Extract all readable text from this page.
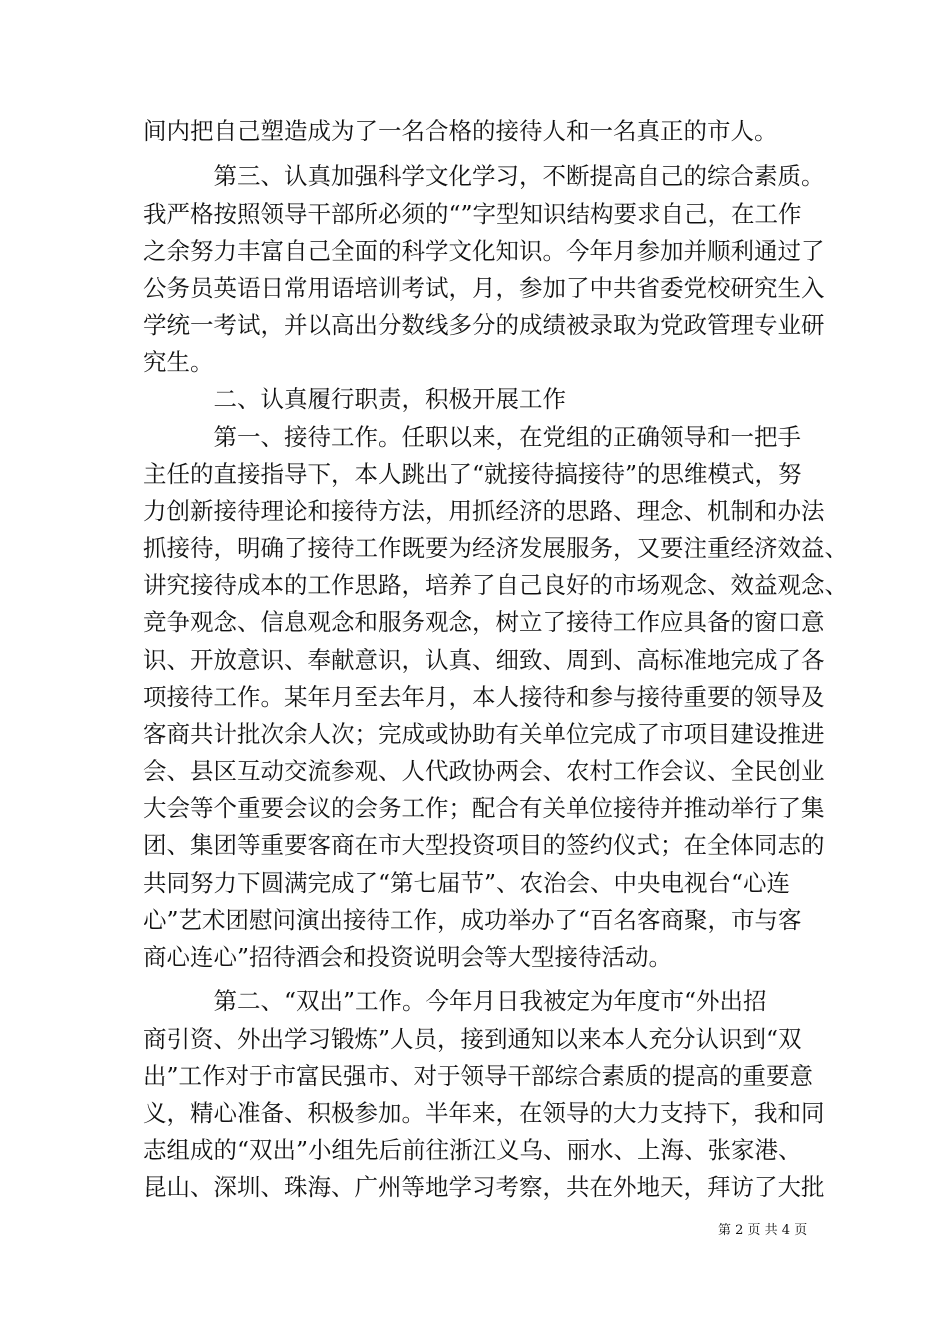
间内把自己塑造成为了一名合格的接待人和一名真正的市人。
　　　第三、认真加强科学文化学习，不断提高自己的综合素质。
我严格按照领导干部所必须的“”字型知识结构要求自己，在工作
之余努力丰富自己全面的科学文化知识。今年月参加并顺利通过了
公务员英语日常用语培训考试，月，参加了中共省委党校研究生入
学统一考试，并以高出分数线多分的成绩被录取为党政管理专业研
究生。
　　　二、认真履行职责，积极开展工作
　　　第一、接待工作。任职以来，在党组的正确领导和一把手
主任的直接指导下，本人跳出了“就接待搞接待”的思维模式，努
力创新接待理论和接待方法，用抓经济的思路、理念、机制和办法
抓接待，明确了接待工作既要为经济发展服务，又要注重经济效益、
讲究接待成本的工作思路，培养了自己良好的市场观念、效益观念、
竞争观念、信息观念和服务观念，树立了接待工作应具备的窗口意
识、开放意识、奉献意识，认真、细致、周到、高标准地完成了各
项接待工作。某年月至去年月，本人接待和参与接待重要的领导及
客商共计批次余人次；完成或协助有关单位完成了市项目建设推进
会、县区互动交流参观、人代政协两会、农村工作会议、全民创业
大会等个重要会议的会务工作；配合有关单位接待并推动举行了集
团、集团等重要客商在市大型投资项目的签约仪式；在全体同志的
共同努力下圆满完成了“第七届节”、农治会、中央电视台“心连
心”艺术团慰问演出接待工作，成功举办了“百名客商聚，市与客
商心连心”招待酒会和投资说明会等大型接待活动。
　　　第二、“双出”工作。今年月日我被定为年度市“外出招
商引资、外出学习锻炼”人员，接到通知以来本人充分认识到“双
出”工作对于市富民强市、对于领导干部综合素质的提高的重要意
义，精心准备、积极参加。半年来，在领导的大力支持下，我和同
志组成的“双出”小组先后前往浙江义乌、丽水、上海、张家港、
昆山、深圳、珠海、广州等地学习考察，共在外地天，拜访了大批
第 2 页 共 4 页
